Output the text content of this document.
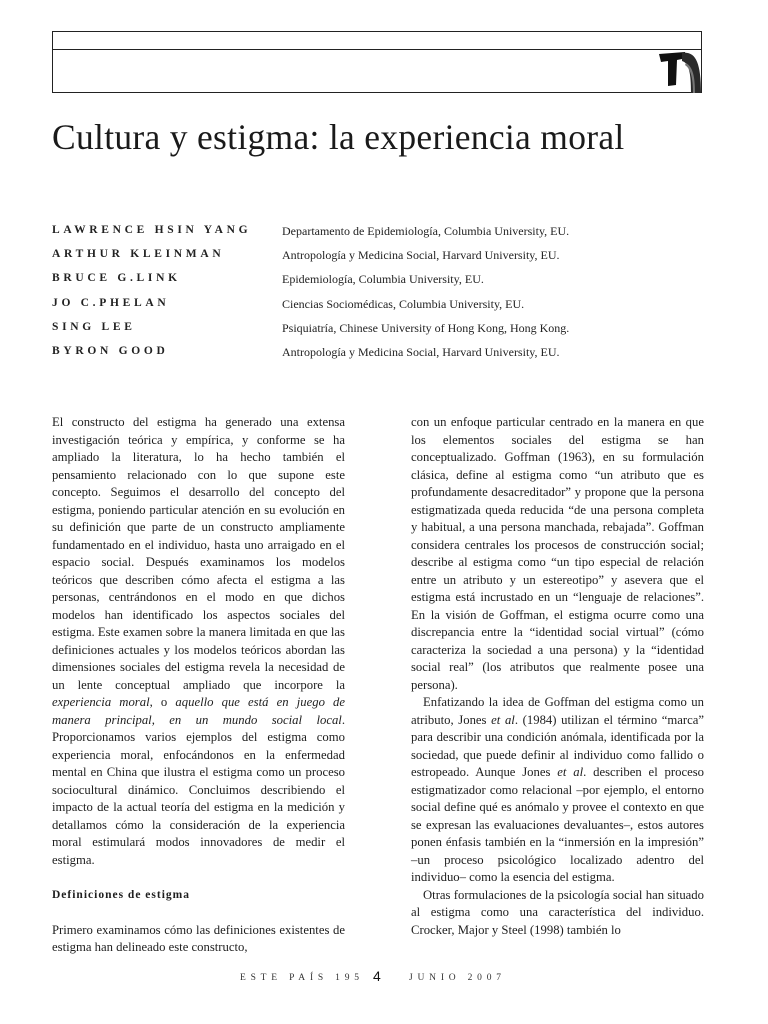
Cultura y estigma: la experiencia moral
LAWRENCE HSIN YANG	Departamento de Epidemiología, Columbia University, EU.
ARTHUR KLEINMAN	Antropología y Medicina Social, Harvard University, EU.
BRUCE G.LINK	Epidemiología, Columbia University, EU.
JO C.PHELAN	Ciencias Sociomédicas, Columbia University, EU.
SING LEE	Psiquiatría, Chinese University of Hong Kong, Hong Kong.
BYRON GOOD	Antropología y Medicina Social, Harvard University, EU.

El constructo del estigma ha generado una extensa investigación teórica y empírica, y conforme se ha ampliado la literatura, lo ha hecho también el pensamiento relacionado con lo que supone este concepto. Seguimos el desarrollo del concepto del estigma, poniendo particular atención en su evolución en su definición que parte de un constructo ampliamente fundamentado en el individuo, hasta uno arraigado en el espacio social. Después examinamos los modelos teóricos que describen cómo afecta el estigma a las personas, centrándonos en el modo en que dichos modelos han identificado los aspectos sociales del estigma. Este examen sobre la manera limitada en que las definiciones actuales y los modelos teóricos abordan las dimensiones sociales del estigma revela la necesidad de un lente conceptual ampliado que incorpore la experiencia moral, o aquello que está en juego de manera principal, en un mundo social local. Proporcionamos varios ejemplos del estigma como experiencia moral, enfocándonos en la enfermedad mental en China que ilustra el estigma como un proceso sociocultural dinámico. Concluimos describiendo el impacto de la actual teoría del estigma en la medición y detallamos cómo la consideración de la experiencia moral estimulará modos innovadores de medir el estigma.

Definiciones de estigma

Primero examinamos cómo las definiciones existentes de estigma han delineado este constructo,

con un enfoque particular centrado en la manera en que los elementos sociales del estigma se han conceptualizado. Goffman (1963), en su formulación clásica, define al estigma como “un atributo que es profundamente desacreditador” y propone que la persona estigmatizada queda reducida “de una persona completa y habitual, a una persona manchada, rebajada”. Goffman considera centrales los procesos de construcción social; describe al estigma como “un tipo especial de relación entre un atributo y un estereotipo” y asevera que el estigma está incrustado en un “lenguaje de relaciones”. En la visión de Goffman, el estigma ocurre como una discrepancia entre la “identidad social virtual” (cómo caracteriza la sociedad a una persona) y la “identidad social real” (los atributos que realmente posee una persona).

Enfatizando la idea de Goffman del estigma como un atributo, Jones et al. (1984) utilizan el término “marca” para describir una condición anómala, identificada por la sociedad, que puede definir al individuo como fallido o estropeado. Aunque Jones et al. describen el proceso estigmatizador como relacional –por ejemplo, el entorno social define qué es anómalo y provee el contexto en que se expresan las evaluaciones devaluantes–, estos autores ponen énfasis también en la “inmersión en la impresión” –un proceso psicológico localizado adentro del individuo– como la esencia del estigma.

Otras formulaciones de la psicología social han situado al estigma como una característica del individuo. Crocker, Major y Steel (1998) también lo

ESTE PAÍS 195 4	JUNIO 2007
